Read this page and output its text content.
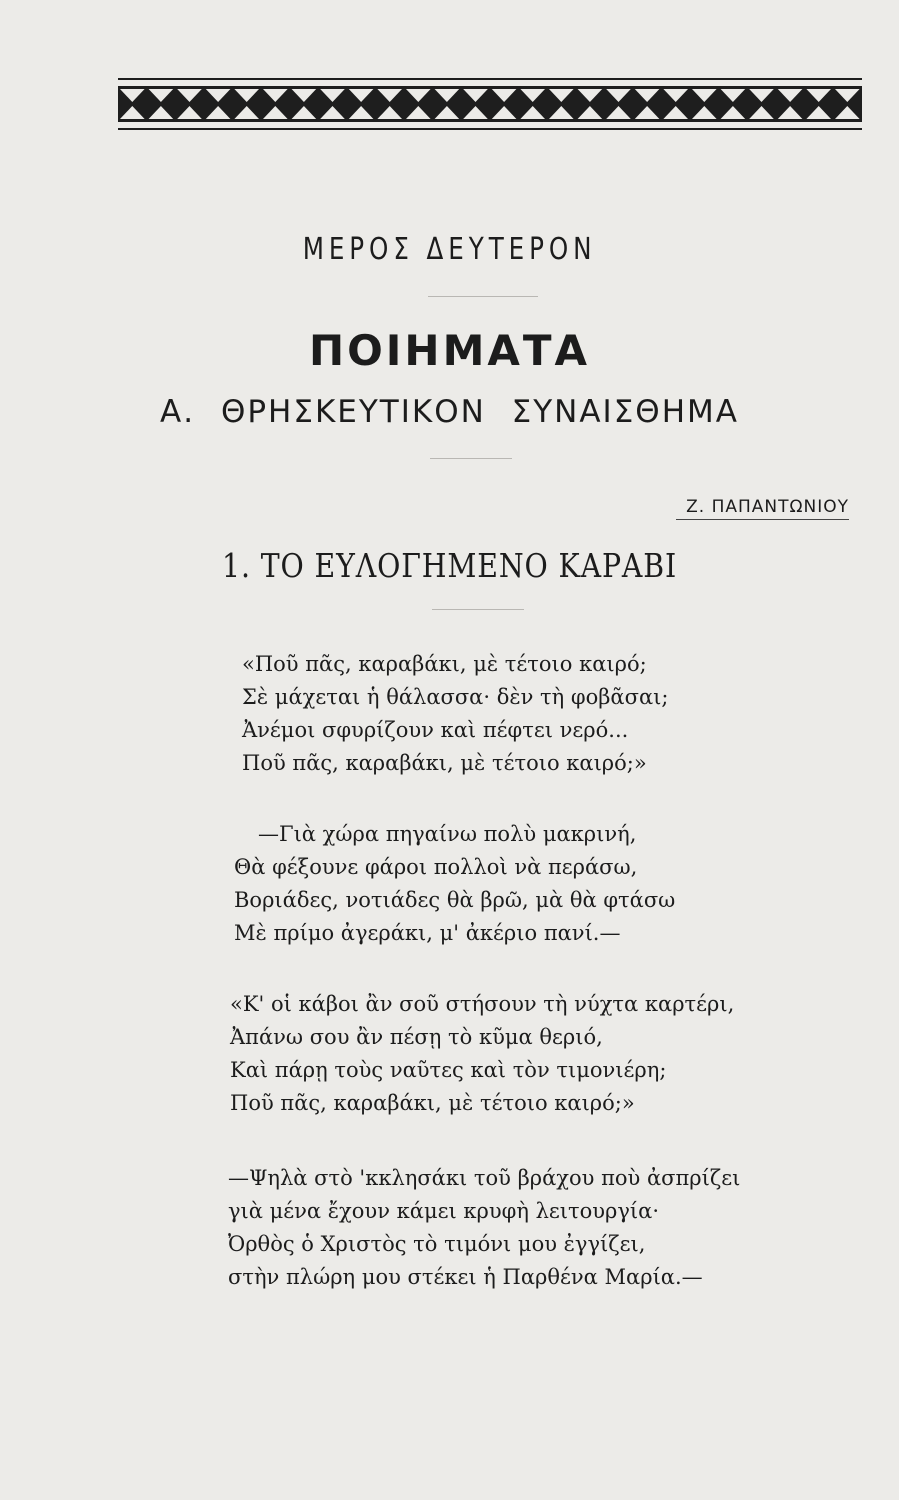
ΜΕΡΟΣ ΔΕΥΤΕΡΟΝ
ΠΟΙΗΜΑΤΑ
Α. ΘΡΗΣΚΕΥΤΙΚΟΝ ΣΥΝΑΙΣΘΗΜΑ
Ζ. ΠΑΠΑΝΤΩΝΙΟΥ
1. ΤΟ ΕΥΛΟΓΗΜΕΝΟ ΚΑΡΑΒΙ
«Ποῦ πᾶς, καραβάκι, μὲ τέτοιο καιρό;
Σὲ μάχεται ἡ θάλασσα· δὲν τὴ φοβᾶσαι;
Ἀνέμοι σφυρίζουν καὶ πέφτει νερό...
Ποῦ πᾶς, καραβάκι, μὲ τέτοιο καιρό;»
—Γιὰ χώρα πηγαίνω πολὺ μακρινή,
Θὰ φέξουνε φάροι πολλοὶ νὰ περάσω,
Βοριάδες, νοτιάδες θὰ βρῶ, μὰ θὰ φτάσω
Μὲ πρίμο ἀγεράκι, μ' ἀκέριο πανί.—
«Κ' οἱ κάβοι ἂν σοῦ στήσουν τὴ νύχτα καρτέρι,
Ἀπάνω σου ἂν πέσῃ τὸ κῦμα θεριό,
Καὶ πάρῃ τοὺς ναῦτες καὶ τὸν τιμονιέρη;
Ποῦ πᾶς, καραβάκι, μὲ τέτοιο καιρό;»
—Ψηλὰ στὸ 'κκλησάκι τοῦ βράχου ποὺ ἀσπρίζει
γιὰ μένα ἔχουν κάμει κρυφὴ λειτουργία·
Ὀρθὸς ὁ Χριστὸς τὸ τιμόνι μου ἐγγίζει,
στὴν πλώρη μου στέκει ἡ Παρθένα Μαρία.—
